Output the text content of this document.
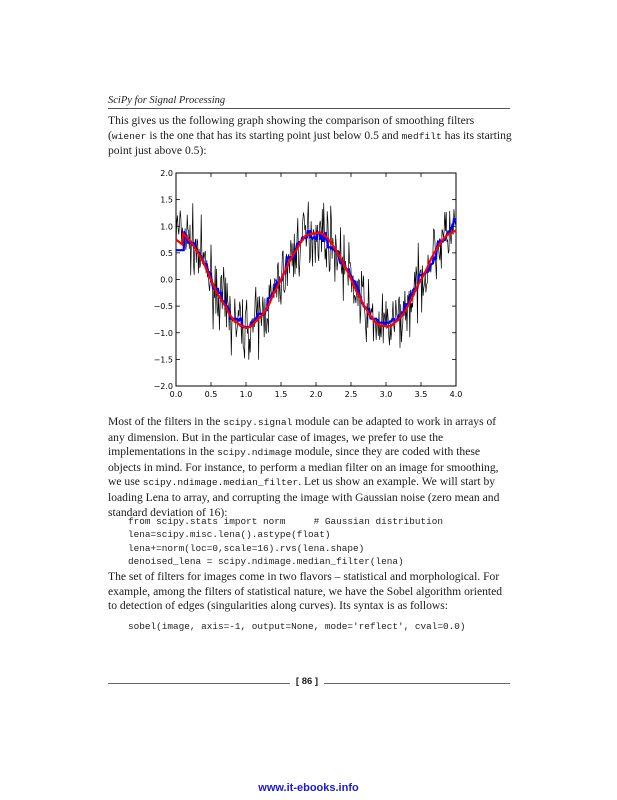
SciPy for Signal Processing

This gives us the following graph showing the comparison of smoothing filters (wiener is the one that has its starting point just below 0.5 and medfilt has its starting point just above 0.5):

0.0	0.5	1.0	1.5	2.0	2.5	3.0	3.5	4.0
2.0
1.5
1.0
0.5
0.0
−0.5
−1.0
−1.5
−2.0

Most of the filters in the scipy.signal module can be adapted to work in arrays of any dimension. But in the particular case of images, we prefer to use the implementations in the scipy.ndimage module, since they are coded with these objects in mind. For instance, to perform a median filter on an image for smoothing, we use scipy.ndimage.median_filter. Let us show an example. We will start by loading Lena to array, and corrupting the image with Gaussian noise (zero mean and standard deviation of 16):

from scipy.stats import norm     # Gaussian distribution
lena=scipy.misc.lena().astype(float)
lena+=norm(loc=0,scale=16).rvs(lena.shape)
denoised_lena = scipy.ndimage.median_filter(lena)

The set of filters for images come in two flavors – statistical and morphological. For example, among the filters of statistical nature, we have the Sobel algorithm oriented to detection of edges (singularities along curves). Its syntax is as follows:

sobel(image, axis=-1, output=None, mode='reflect', cval=0.0)
[ 86 ]
www.it-ebooks.info
